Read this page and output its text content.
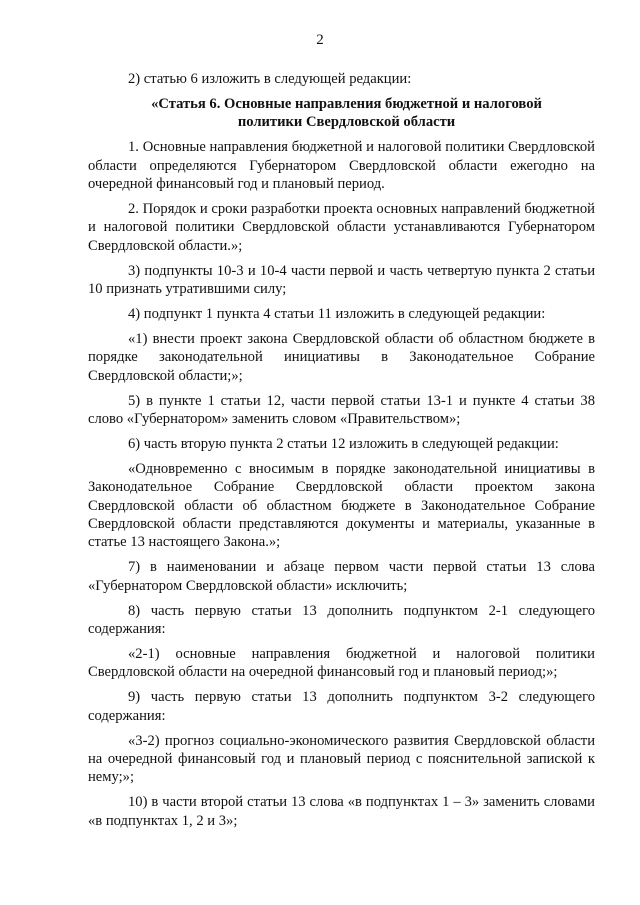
2

2) статью 6 изложить в следующей редакции:

«Статья 6. Основные направления бюджетной и налоговой политики Свердловской области

1. Основные направления бюджетной и налоговой политики Свердловской области определяются Губернатором Свердловской области ежегодно на очередной финансовый год и плановый период.

2. Порядок и сроки разработки проекта основных направлений бюджетной и налоговой политики Свердловской области устанавливаются Губернатором Свердловской области.»;

3) подпункты 10-3 и 10-4 части первой и часть четвертую пункта 2 статьи 10 признать утратившими силу;

4) подпункт 1 пункта 4 статьи 11 изложить в следующей редакции:

«1) внести проект закона Свердловской области об областном бюджете в порядке законодательной инициативы в Законодательное Собрание Свердловской области;»;

5) в пункте 1 статьи 12, части первой статьи 13-1 и пункте 4 статьи 38 слово «Губернатором» заменить словом «Правительством»;

6) часть вторую пункта 2 статьи 12 изложить в следующей редакции:

«Одновременно с вносимым в порядке законодательной инициативы в Законодательное Собрание Свердловской области проектом закона Свердловской области об областном бюджете в Законодательное Собрание Свердловской области представляются документы и материалы, указанные в статье 13 настоящего Закона.»;

7) в наименовании и абзаце первом части первой статьи 13 слова «Губернатором Свердловской области» исключить;

8) часть первую статьи 13 дополнить подпунктом 2-1 следующего содержания:

«2-1) основные направления бюджетной и налоговой политики Свердловской области на очередной финансовый год и плановый период;»;

9) часть первую статьи 13 дополнить подпунктом 3-2 следующего содержания:

«3-2) прогноз социально-экономического развития Свердловской области на очередной финансовый год и плановый период с пояснительной запиской к нему;»;

10) в части второй статьи 13 слова «в подпунктах 1 – 3» заменить словами «в подпунктах 1, 2 и 3»;
